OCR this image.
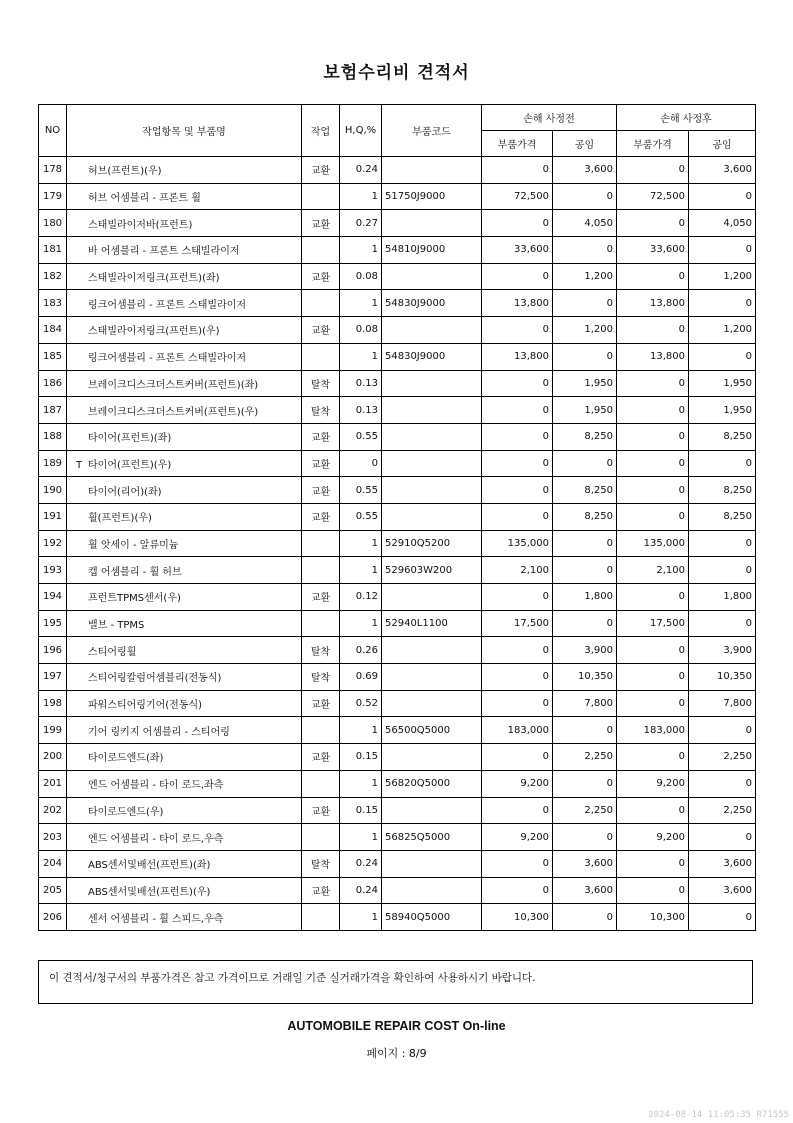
보험수리비 견적서
NO	작업항목 및 부품명	작업	H,Q,%	부품코드	손해 사정전		손해 사정후	
					부품가격	공임	부품가격	공임
178	허브(프런트)(우)	교환	0.24		0	3,600	0	3,600
179	허브 어셈블리 - 프론트 휠		1	51750J9000	72,500	0	72,500	0
180	스태빌라이저바(프런트)	교환	0.27		0	4,050	0	4,050
181	바 어셈블리 - 프론트 스태빌라이저		1	54810J9000	33,600	0	33,600	0
182	스태빌라이저링크(프런트)(좌)	교환	0.08		0	1,200	0	1,200
183	링크어셈블리 - 프론트 스태빌라이저		1	54830J9000	13,800	0	13,800	0
184	스태빌라이저링크(프런트)(우)	교환	0.08		0	1,200	0	1,200
185	링크어셈블리 - 프론트 스태빌라이저		1	54830J9000	13,800	0	13,800	0
186	브레이크디스크더스트커버(프런트)(좌)	탈착	0.13		0	1,950	0	1,950
187	브레이크디스크더스트커버(프런트)(우)	탈착	0.13		0	1,950	0	1,950
188	타이어(프런트)(좌)	교환	0.55		0	8,250	0	8,250
189	T 타이어(프런트)(우)	교환	0		0	0	0	0
190	타이어(리어)(좌)	교환	0.55		0	8,250	0	8,250
191	휠(프런트)(우)	교환	0.55		0	8,250	0	8,250
192	휠 앗세이 - 알류미늄		1	52910Q5200	135,000	0	135,000	0
193	캡 어셈블리 - 휠 허브		1	529603W200	2,100	0	2,100	0
194	프런트TPMS센서(우)	교환	0.12		0	1,800	0	1,800
195	밸브 - TPMS		1	52940L1100	17,500	0	17,500	0
196	스티어링휠	탈착	0.26		0	3,900	0	3,900
197	스티어링칼럼어셈블리(전동식)	탈착	0.69		0	10,350	0	10,350
198	파워스티어링기어(전동식)	교환	0.52		0	7,800	0	7,800
199	기어 링키지 어셈블리 - 스티어링		1	56500Q5000	183,000	0	183,000	0
200	타이로드엔드(좌)	교환	0.15		0	2,250	0	2,250
201	엔드 어셈블리 - 타이 로드,좌측		1	56820Q5000	9,200	0	9,200	0
202	타이로드엔드(우)	교환	0.15		0	2,250	0	2,250
203	엔드 어셈블리 - 타이 로드,우측		1	56825Q5000	9,200	0	9,200	0
204	ABS센서및배선(프런트)(좌)	탈착	0.24		0	3,600	0	3,600
205	ABS센서및배선(프런트)(우)	교환	0.24		0	3,600	0	3,600
206	센서 어셈블리 - 휠 스피드,우측		1	58940Q5000	10,300	0	10,300	0
이 견적서/청구서의 부품가격은 참고 가격이므로 거래일 기준 실거래가격을 확인하여 사용하시기 바랍니다.
AUTOMOBILE REPAIR COST On-line
페이지 : 8/9
2024-08-14 11:05:35 R71555
